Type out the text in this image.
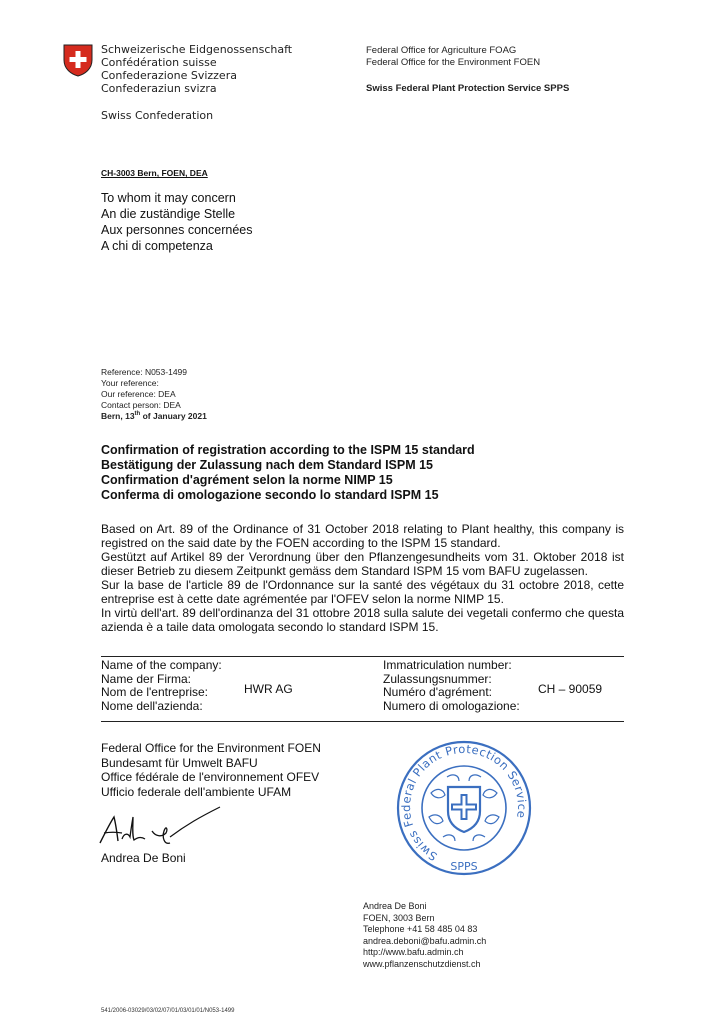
Schweizerische Eidgenossenschaft
Confédération suisse
Confederazione Svizzera
Confederaziun svizra
Swiss Confederation
Federal Office for Agriculture FOAG
Federal Office for the Environment FOEN
Swiss Federal Plant Protection Service SPPS
CH-3003 Bern, FOEN, DEA
To whom it may concern
An die zuständige Stelle
Aux personnes concernées
A chi di competenza
Reference: N053-1499
Your reference:
Our reference: DEA
Contact person: DEA
Bern, 13th of January 2021
Confirmation of registration according to the ISPM 15 standard
Bestätigung der Zulassung nach dem Standard ISPM 15
Confirmation d'agrément selon la norme NIMP 15
Conferma di omologazione secondo lo standard ISPM 15
Based on Art. 89 of the Ordinance of 31 October 2018 relating to Plant healthy, this company is registred on the said date by the FOEN according to the ISPM 15 standard.
Gestützt auf Artikel 89 der Verordnung über den Pflanzengesundheits vom 31. Oktober 2018 ist dieser Betrieb zu diesem Zeitpunkt gemäss dem Standard ISPM 15 vom BAFU zugelassen.
Sur la base de l'article 89 de l'Ordonnance sur la santé des végétaux du 31 octobre 2018, cette entreprise est à cette date agrémentée par l'OFEV selon la norme NIMP 15.
In virtù dell'art. 89 dell'ordinanza del 31 ottobre 2018 sulla salute dei vegetali confermo che questa azienda è a taile data omologata secondo lo standard ISPM 15.
Name of the company:
Name der Firma:
Nom de l'entreprise:
Nome dell'azienda:
HWR AG
Immatriculation number:
Zulassungsnummer:
Numéro d'agrément:
Numero di omologazione:
CH – 90059
Federal Office for the Environment FOEN
Bundesamt für Umwelt BAFU
Office fédérale de l'environnement OFEV
Ufficio federale dell'ambiente UFAM
Andrea De Boni	Swiss Federal Plant Protection Service
SPPS
Andrea De Boni
FOEN, 3003 Bern
Telephone +41 58 485 04 83
andrea.deboni@bafu.admin.ch
http://www.bafu.admin.ch
www.pflanzenschutzdienst.ch
541/2006-03029/03/02/07/01/03/01/01/N053-1499
